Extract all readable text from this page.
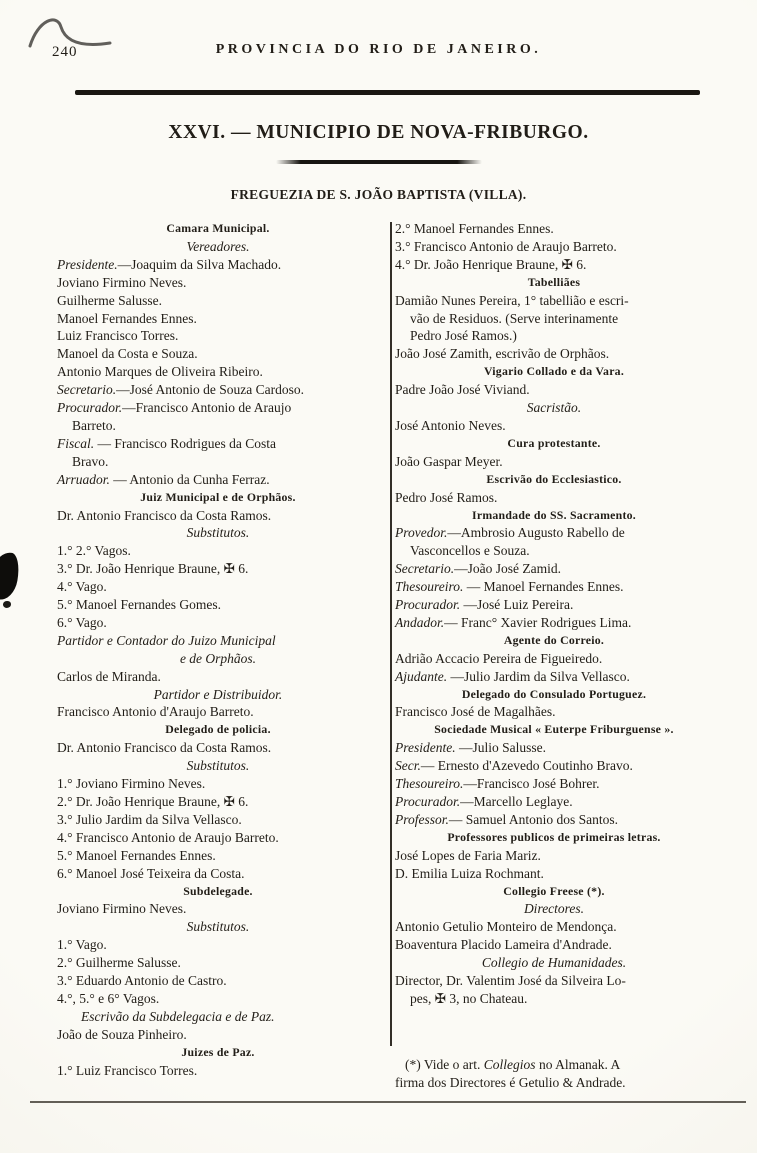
240	PROVINCIA DO RIO DE JANEIRO.
XXVI. — MUNICIPIO DE NOVA-FRIBURGO.
FREGUEZIA DE S. JOÃO BAPTISTA (VILLA).
Camara Municipal.
Vereadores.
Presidente.—Joaquim da Silva Machado.
Joviano Firmino Neves.
Guilherme Salusse.
Manoel Fernandes Ennes.
Luiz Francisco Torres.
Manoel da Costa e Souza.
Antonio Marques de Oliveira Ribeiro.
Secretario.—José Antonio de Souza Cardoso.
Procurador.—Francisco Antonio de Araujo
Barreto.
Fiscal. — Francisco Rodrigues da Costa
Bravo.
Arruador. — Antonio da Cunha Ferraz.
Juiz Municipal e de Orphãos.
Dr. Antonio Francisco da Costa Ramos.
Substitutos.
1.° 2.° Vagos.
3.° Dr. João Henrique Braune, ✠ 6.
4.° Vago.
5.° Manoel Fernandes Gomes.
6.° Vago.
Partidor e Contador do Juizo Municipal
e de Orphãos.
Carlos de Miranda.
Partidor e Distribuidor.
Francisco Antonio d'Araujo Barreto.
Delegado de policia.
Dr. Antonio Francisco da Costa Ramos.
Substitutos.
1.° Joviano Firmino Neves.
2.° Dr. João Henrique Braune, ✠ 6.
3.° Julio Jardim da Silva Vellasco.
4.° Francisco Antonio de Araujo Barreto.
5.° Manoel Fernandes Ennes.
6.° Manoel José Teixeira da Costa.
Subdelegade.
Joviano Firmino Neves.
Substitutos.
1.° Vago.
2.° Guilherme Salusse.
3.° Eduardo Antonio de Castro.
4.°, 5.° e 6° Vagos.
Escrivão da Subdelegacia e de Paz.
João de Souza Pinheiro.
Juizes de Paz.
1.° Luiz Francisco Torres.
2.° Manoel Fernandes Ennes.
3.° Francisco Antonio de Araujo Barreto.
4.° Dr. João Henrique Braune, ✠ 6.
Tabelliães
Damião Nunes Pereira, 1° tabellião e escri-
vão de Residuos. (Serve interinamente
Pedro José Ramos.)
João José Zamith, escrivão de Orphãos.
Vigario Collado e da Vara.
Padre João José Viviand.
Sacristão.
José Antonio Neves.
Cura protestante.
João Gaspar Meyer.
Escrivão do Ecclesiastico.
Pedro José Ramos.
Irmandade do SS. Sacramento.
Provedor.—Ambrosio Augusto Rabello de
Vasconcellos e Souza.
Secretario.—João José Zamid.
Thesoureiro. — Manoel Fernandes Ennes.
Procurador. —José Luiz Pereira.
Andador.— Franc° Xavier Rodrigues Lima.
Agente do Correio.
Adrião Accacio Pereira de Figueiredo.
Ajudante. —Julio Jardim da Silva Vellasco.
Delegado do Consulado Portuguez.
Francisco José de Magalhães.
Sociedade Musical « Euterpe Friburguense ».
Presidente. —Julio Salusse.
Secr.— Ernesto d'Azevedo Coutinho Bravo.
Thesoureiro.—Francisco José Bohrer.
Procurador.—Marcello Leglaye.
Professor.— Samuel Antonio dos Santos.
Professores publicos de primeiras letras.
José Lopes de Faria Mariz.
D. Emilia Luiza Rochmant.
Collegio Freese (*).
Directores.
Antonio Getulio Monteiro de Mendonça.
Boaventura Placido Lameira d'Andrade.
Collegio de Humanidades.
Director, Dr. Valentim José da Silveira Lo-
pes, ✠ 3, no Chateau.
(*) Vide o art. Collegios no Almanak. A
firma dos Directores é Getulio & Andrade.
